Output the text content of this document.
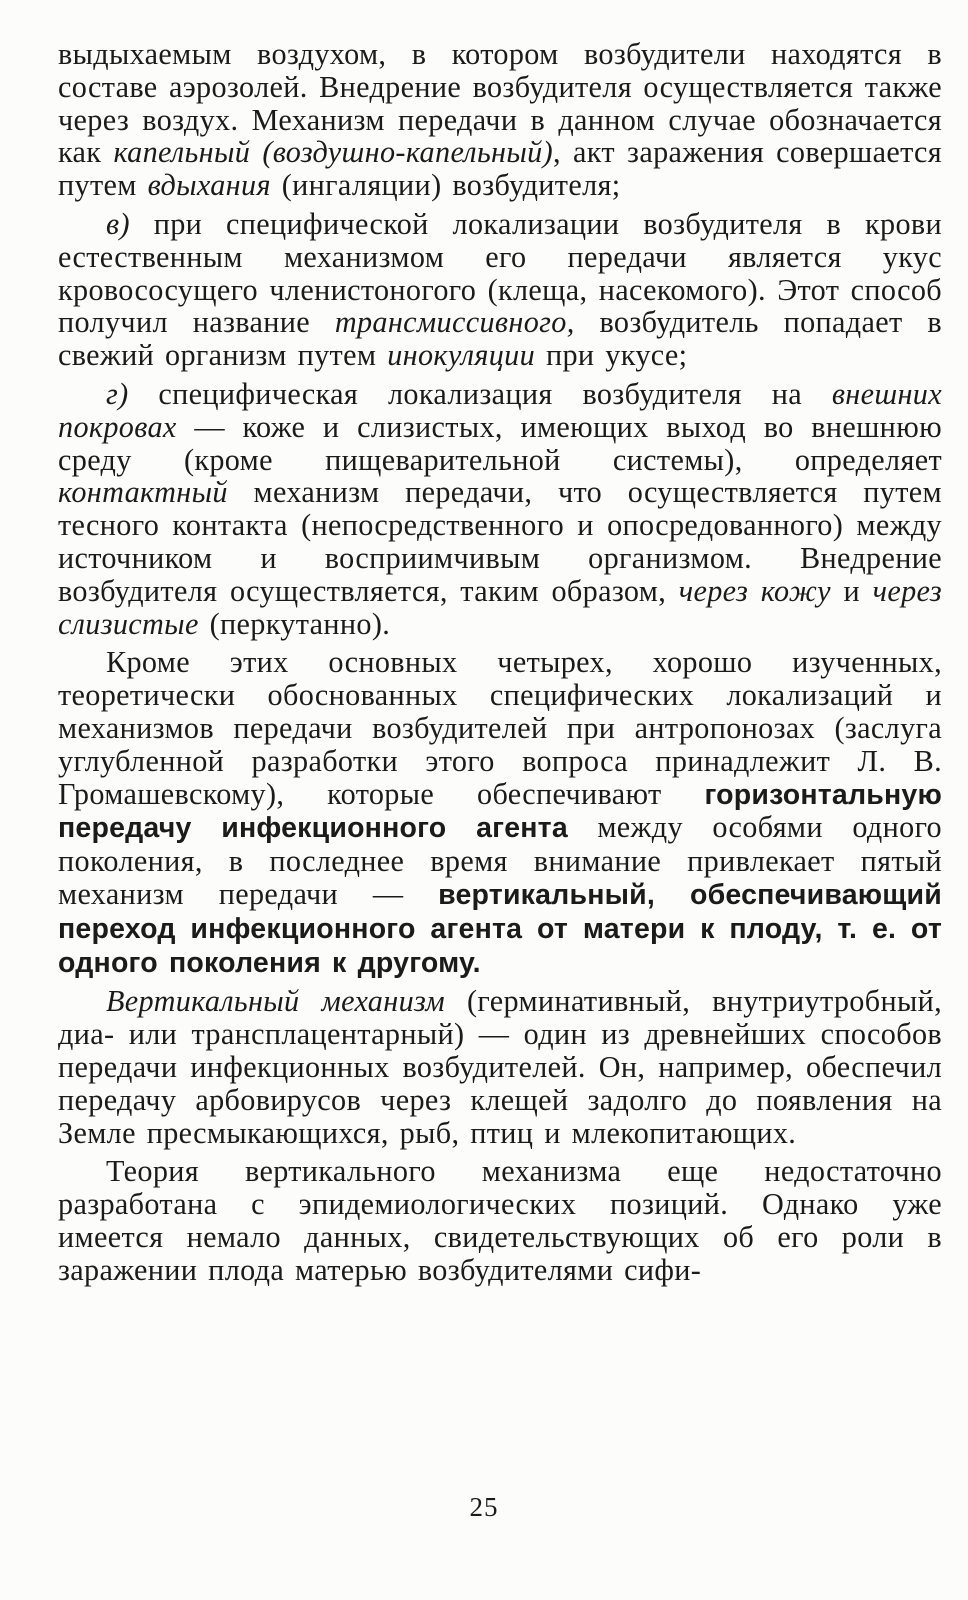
выдыхаемым воздухом, в котором возбудители находятся в составе аэрозолей. Внедрение возбудителя осуществляется также через воздух. Механизм передачи в данном случае обозначается как капельный (воздушно-капельный), акт заражения совершается путем вдыхания (ингаляции) возбудителя;

в) при специфической локализации возбудителя в крови естественным механизмом его передачи является укус кровососущего членистоногого (клеща, насекомого). Этот способ получил название трансмиссивного, возбудитель попадает в свежий организм путем инокуляции при укусе;

г) специфическая локализация возбудителя на внешних покровах — коже и слизистых, имеющих выход во внешнюю среду (кроме пищеварительной системы), определяет контактный механизм передачи, что осуществляется путем тесного контакта (непосредственного и опосредованного) между источником и восприимчивым организмом. Внедрение возбудителя осуществляется, таким образом, через кожу и через слизистые (перкутанно).

Кроме этих основных четырех, хорошо изученных, теоретически обоснованных специфических локализаций и механизмов передачи возбудителей при антропонозах (заслуга углубленной разработки этого вопроса принадлежит Л. В. Громашевскому), которые обеспечивают горизонтальную передачу инфекционного агента между особями одного поколения, в последнее время внимание привлекает пятый механизм передачи — вертикальный, обеспечивающий переход инфекционного агента от матери к плоду, т. е. от одного поколения к другому.

Вертикальный механизм (герминативный, внутриутробный, диа- или трансплацентарный) — один из древнейших способов передачи инфекционных возбудителей. Он, например, обеспечил передачу арбовирусов через клещей задолго до появления на Земле пресмыкающихся, рыб, птиц и млекопитающих.

Теория вертикального механизма еще недостаточно разработана с эпидемиологических позиций. Однако уже имеется немало данных, свидетельствующих об его роли в заражении плода матерью возбудителями сифи-

25
